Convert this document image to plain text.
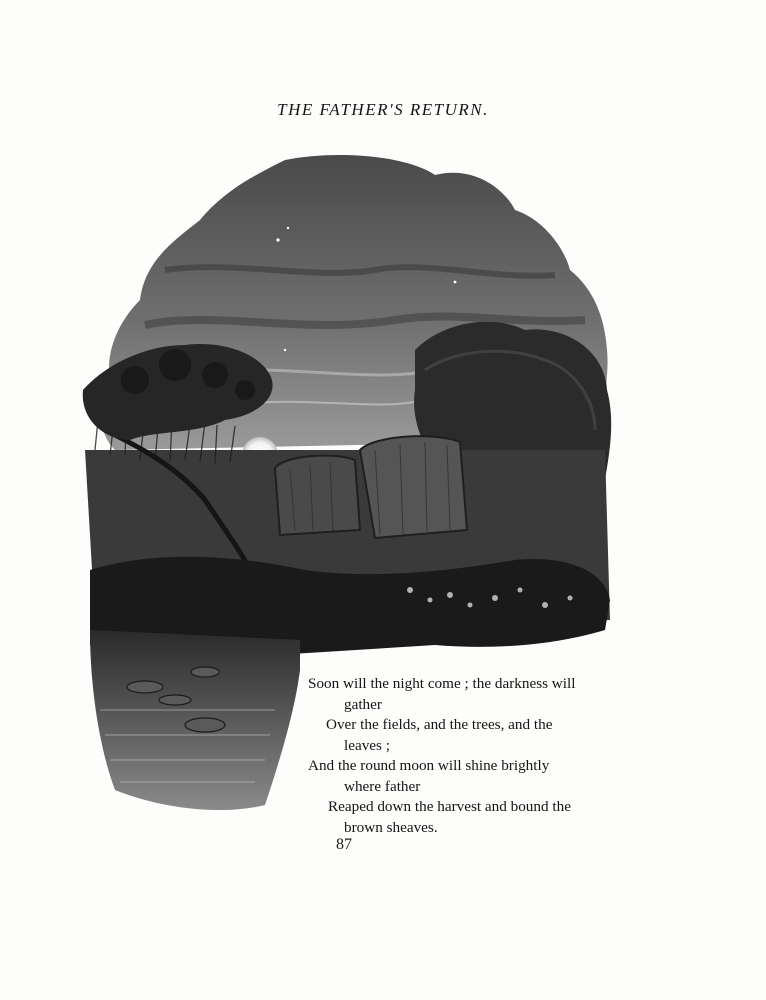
THE FATHER'S RETURN.
Soon will the night come ; the darkness will
gather
Over the fields, and the trees, and the
leaves ;
And the round moon will shine brightly
where father
Reaped down the harvest and bound the
brown sheaves.
87
